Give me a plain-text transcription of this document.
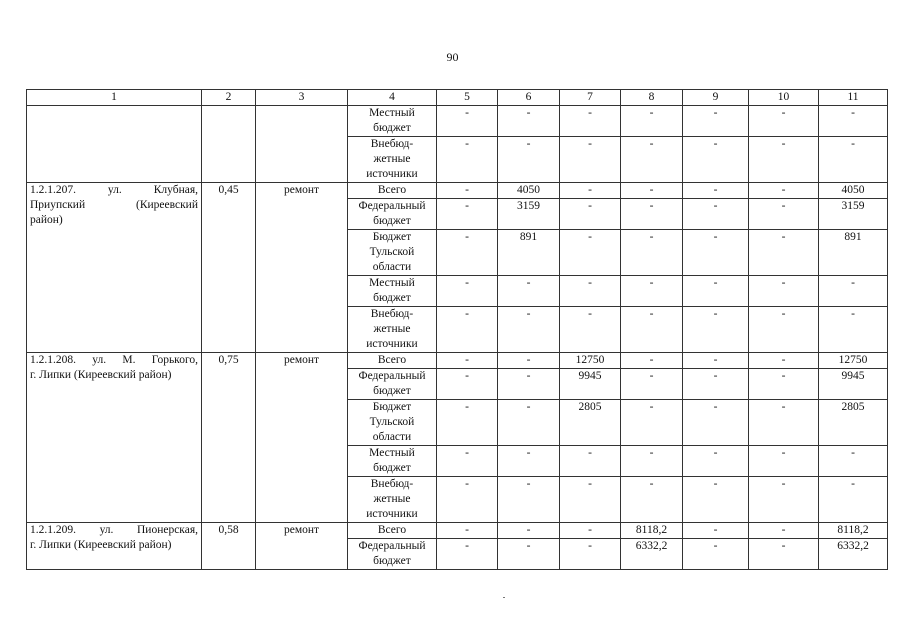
90
1	2	3	4	5	6	7	8	9	10	11

			Местный
бюджет	-	-	-	-	-	-	-

			Внебюд-
жетные
источники	-	-	-	-	-	-	-

1.2.1.207. ул. Клубная,
Приупский (Киреевский
район)	0,45	ремонт	Всего	-	4050	-	-	-	-	4050

			Федеральный
бюджет	-	3159	-	-	-	-	3159

			Бюджет
Тульской
области	-	891	-	-	-	-	891

			Местный
бюджет	-	-	-	-	-	-	-

			Внебюд-
жетные
источники	-	-	-	-	-	-	-

1.2.1.208. ул. М. Горького,
г. Липки (Киреевский район)	0,75	ремонт	Всего	-	-	12750	-	-	-	12750

			Федеральный
бюджет	-	-	9945	-	-	-	9945

			Бюджет
Тульской
области	-	-	2805	-	-	-	2805

			Местный
бюджет	-	-	-	-	-	-	-

			Внебюд-
жетные
источники	-	-	-	-	-	-	-

1.2.1.209. ул. Пионерская,
г. Липки (Киреевский район)	0,58	ремонт	Всего	-	-	-	8118,2	-	-	8118,2

			Федеральный
бюджет	-	-	-	6332,2	-	-	6332,2
